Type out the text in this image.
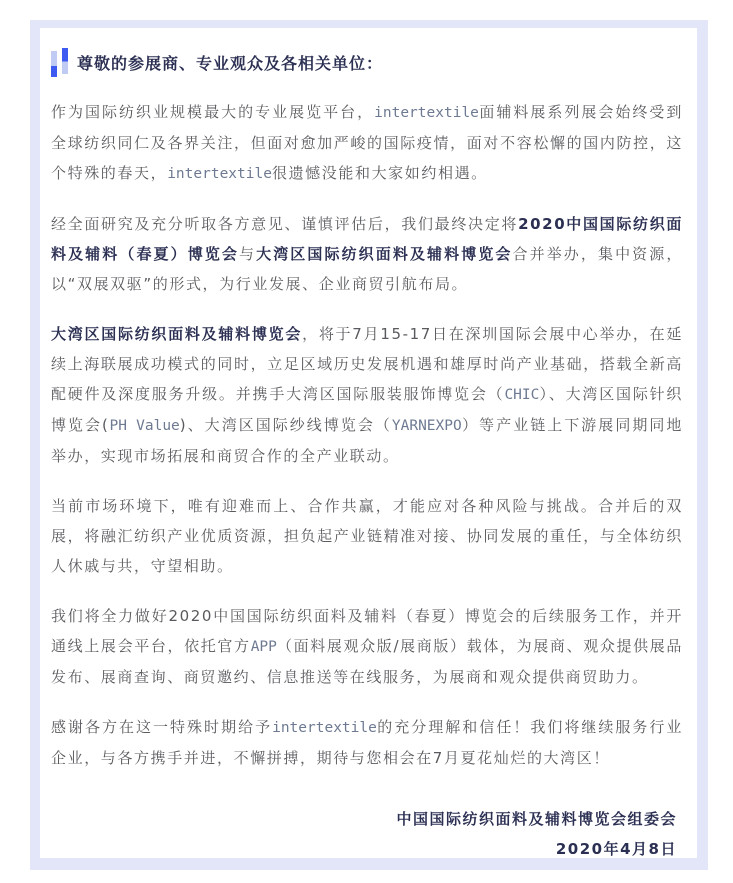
尊敬的参展商、专业观众及各相关单位：

作为国际纺织业规模最大的专业展览平台，intertextile面辅料展系列展会始终受到全球纺织同仁及各界关注，但面对愈加严峻的国际疫情，面对不容松懈的国内防控，这个特殊的春天，intertextile很遗憾没能和大家如约相遇。

经全面研究及充分听取各方意见、谨慎评估后，我们最终决定将2020中国国际纺织面料及辅料（春夏）博览会与大湾区国际纺织面料及辅料博览会合并举办，集中资源，以“双展双驱”的形式，为行业发展、企业商贸引航布局。

大湾区国际纺织面料及辅料博览会，将于7月15-17日在深圳国际会展中心举办，在延续上海联展成功模式的同时，立足区域历史发展机遇和雄厚时尚产业基础，搭载全新高配硬件及深度服务升级。并携手大湾区国际服装服饰博览会（CHIC）、大湾区国际针织博览会(PH Value)、大湾区国际纱线博览会（YARNEXPO）等产业链上下游展同期同地举办，实现市场拓展和商贸合作的全产业联动。

当前市场环境下，唯有迎难而上、合作共赢，才能应对各种风险与挑战。合并后的双展，将融汇纺织产业优质资源，担负起产业链精准对接、协同发展的重任，与全体纺织人休戚与共，守望相助。

我们将全力做好2020中国国际纺织面料及辅料（春夏）博览会的后续服务工作，并开通线上展会平台，依托官方APP（面料展观众版/展商版）载体，为展商、观众提供展品发布、展商查询、商贸邀约、信息推送等在线服务，为展商和观众提供商贸助力。

感谢各方在这一特殊时期给予intertextile的充分理解和信任！我们将继续服务行业企业，与各方携手并进，不懈拼搏，期待与您相会在7月夏花灿烂的大湾区！

中国国际纺织面料及辅料博览会组委会
2020年4月8日
